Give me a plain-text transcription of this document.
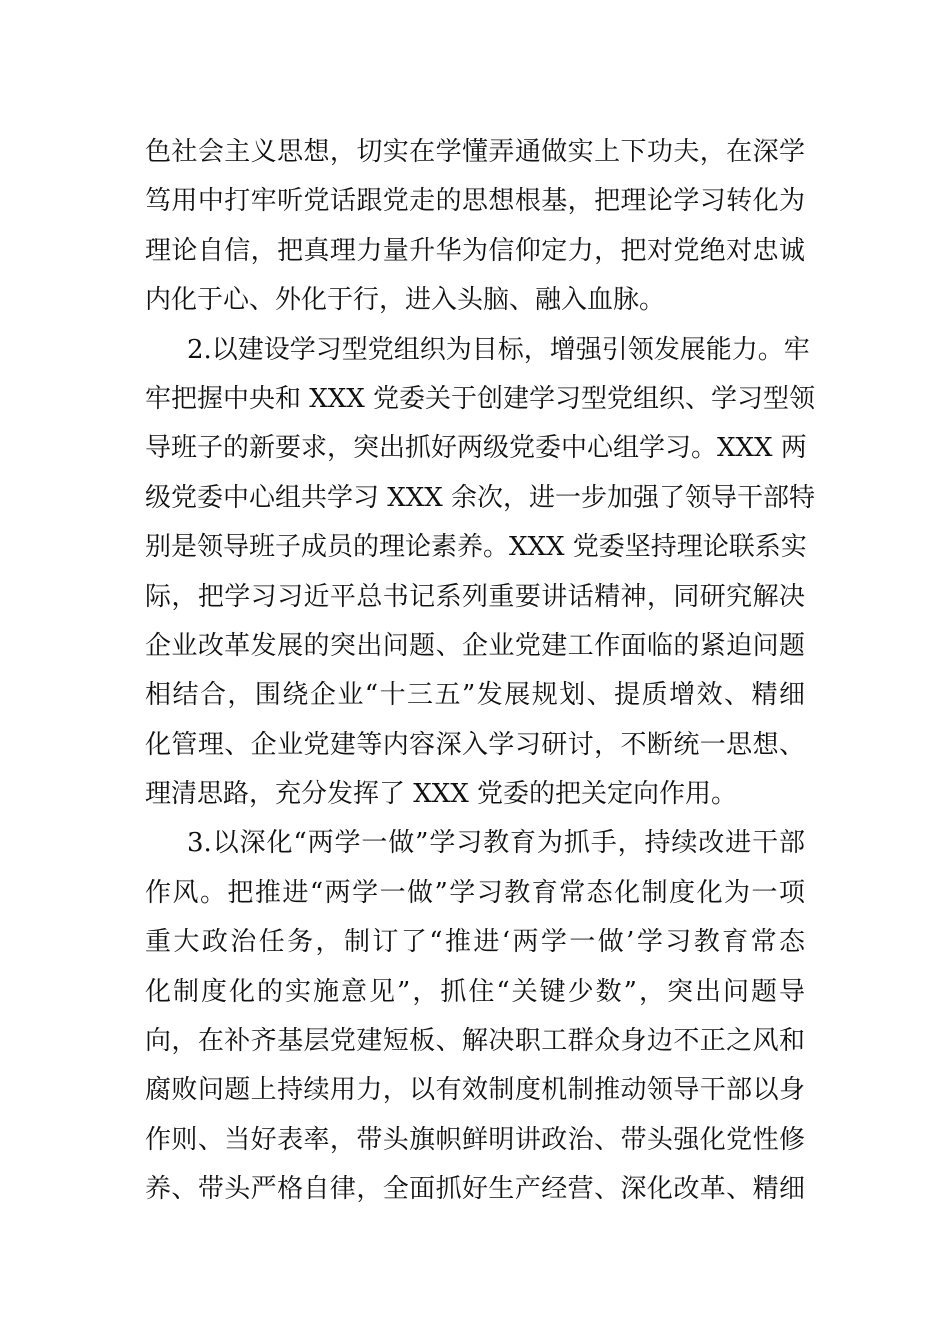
色社会主义思想，切实在学懂弄通做实上下功夫，在深学
笃用中打牢听党话跟党走的思想根基，把理论学习转化为
理论自信，把真理力量升华为信仰定力，把对党绝对忠诚
内化于心、外化于行，进入头脑、融入血脉。
2.以建设学习型党组织为目标，增强引领发展能力。牢
牢把握中央和 XXX 党委关于创建学习型党组织、学习型领
导班子的新要求，突出抓好两级党委中心组学习。XXX 两
级党委中心组共学习 XXX 余次，进一步加强了领导干部特
别是领导班子成员的理论素养。XXX 党委坚持理论联系实
际，把学习习近平总书记系列重要讲话精神，同研究解决
企业改革发展的突出问题、企业党建工作面临的紧迫问题
相结合，围绕企业“十三五”发展规划、提质增效、精细
化管理、企业党建等内容深入学习研讨，不断统一思想、
理清思路，充分发挥了 XXX 党委的把关定向作用。
3.以深化“两学一做”学习教育为抓手，持续改进干部
作风。把推进“两学一做”学习教育常态化制度化为一项
重大政治任务，制订了“推进‘两学一做’学习教育常态
化制度化的实施意见”，抓住“关键少数”，突出问题导
向，在补齐基层党建短板、解决职工群众身边不正之风和
腐败问题上持续用力，以有效制度机制推动领导干部以身
作则、当好表率，带头旗帜鲜明讲政治、带头强化党性修
养、带头严格自律，全面抓好生产经营、深化改革、精细
